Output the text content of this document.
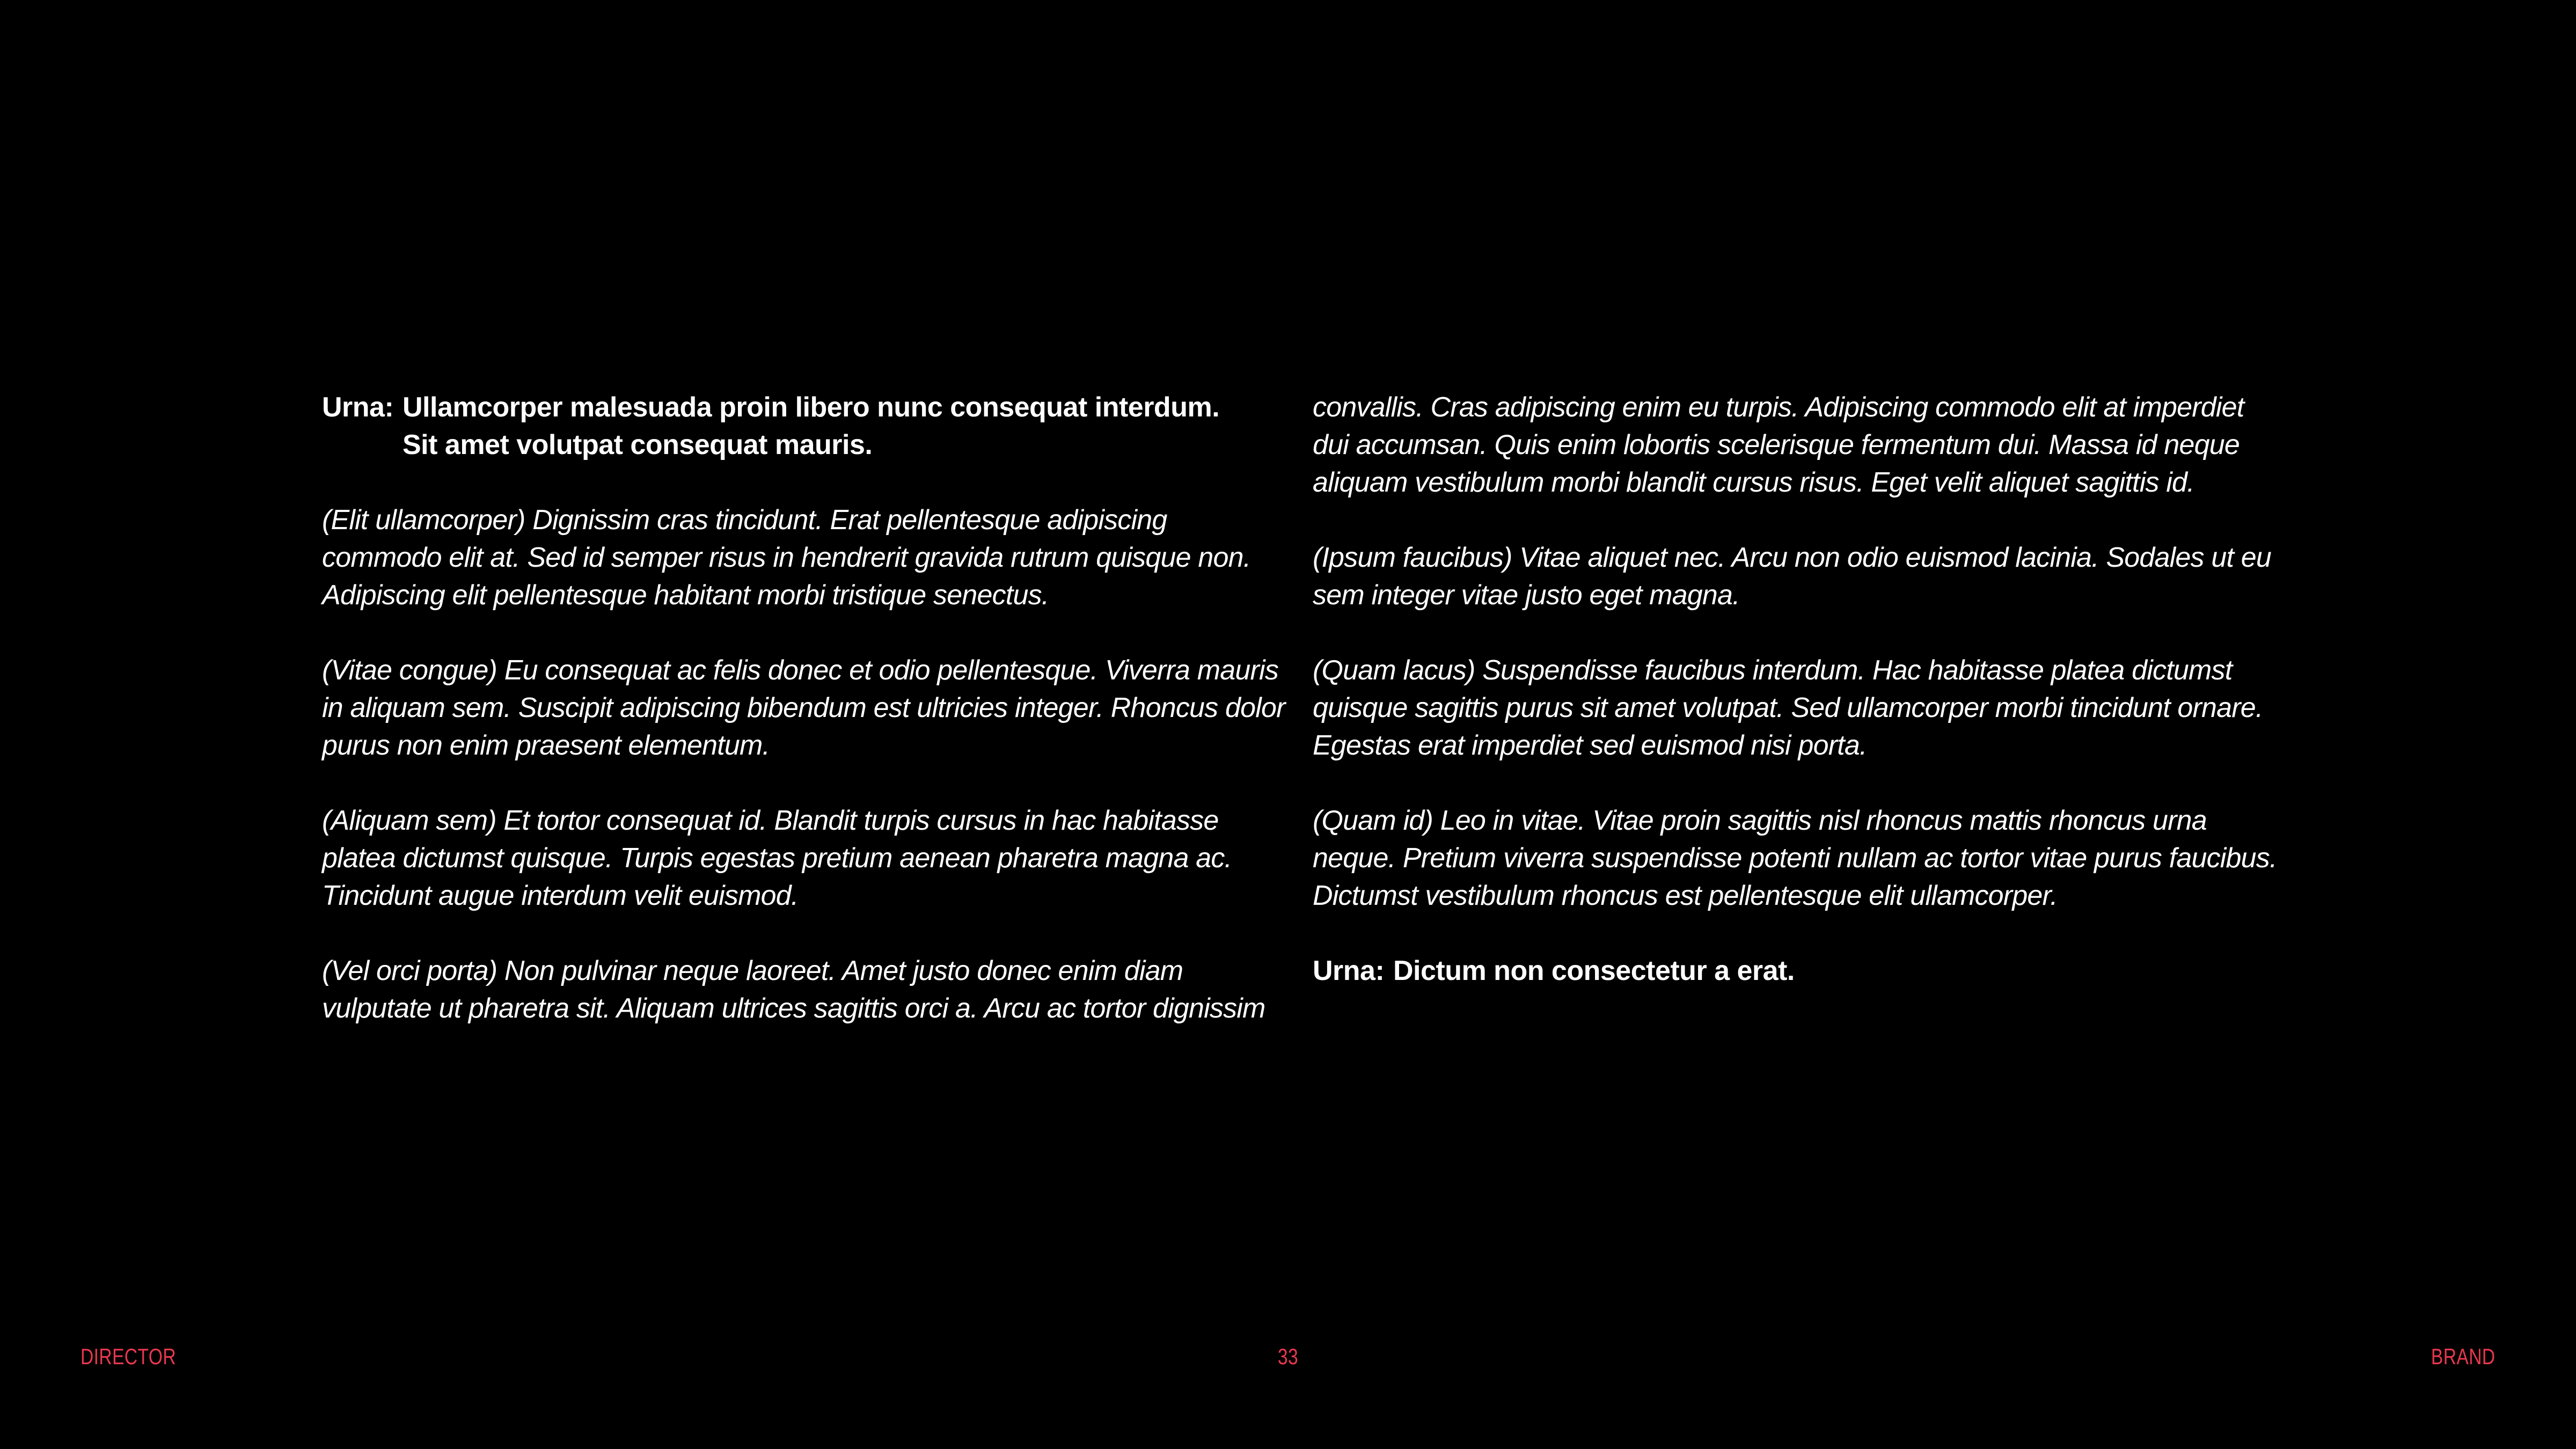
Urna: Ullamcorper malesuada proin libero nunc consequat interdum.
Sit amet volutpat consequat mauris.
(Elit ullamcorper) Dignissim cras tincidunt. Erat pellentesque adipiscing
commodo elit at. Sed id semper risus in hendrerit gravida rutrum quisque non.
Adipiscing elit pellentesque habitant morbi tristique senectus.
(Vitae congue) Eu consequat ac felis donec et odio pellentesque. Viverra mauris
in aliquam sem. Suscipit adipiscing bibendum est ultricies integer. Rhoncus dolor
purus non enim praesent elementum.
(Aliquam sem) Et tortor consequat id. Blandit turpis cursus in hac habitasse
platea dictumst quisque. Turpis egestas pretium aenean pharetra magna ac.
Tincidunt augue interdum velit euismod.
(Vel orci porta) Non pulvinar neque laoreet. Amet justo donec enim diam
vulputate ut pharetra sit. Aliquam ultrices sagittis orci a. Arcu ac tortor dignissim
convallis. Cras adipiscing enim eu turpis. Adipiscing commodo elit at imperdiet
dui accumsan. Quis enim lobortis scelerisque fermentum dui. Massa id neque
aliquam vestibulum morbi blandit cursus risus. Eget velit aliquet sagittis id.
(Ipsum faucibus) Vitae aliquet nec. Arcu non odio euismod lacinia. Sodales ut eu
sem integer vitae justo eget magna.
(Quam lacus) Suspendisse faucibus interdum. Hac habitasse platea dictumst
quisque sagittis purus sit amet volutpat. Sed ullamcorper morbi tincidunt ornare.
Egestas erat imperdiet sed euismod nisi porta.
(Quam id) Leo in vitae. Vitae proin sagittis nisl rhoncus mattis rhoncus urna
neque. Pretium viverra suspendisse potenti nullam ac tortor vitae purus faucibus.
Dictumst vestibulum rhoncus est pellentesque elit ullamcorper.
Urna: Dictum non consectetur a erat.
DIRECTOR	33	BRAND
